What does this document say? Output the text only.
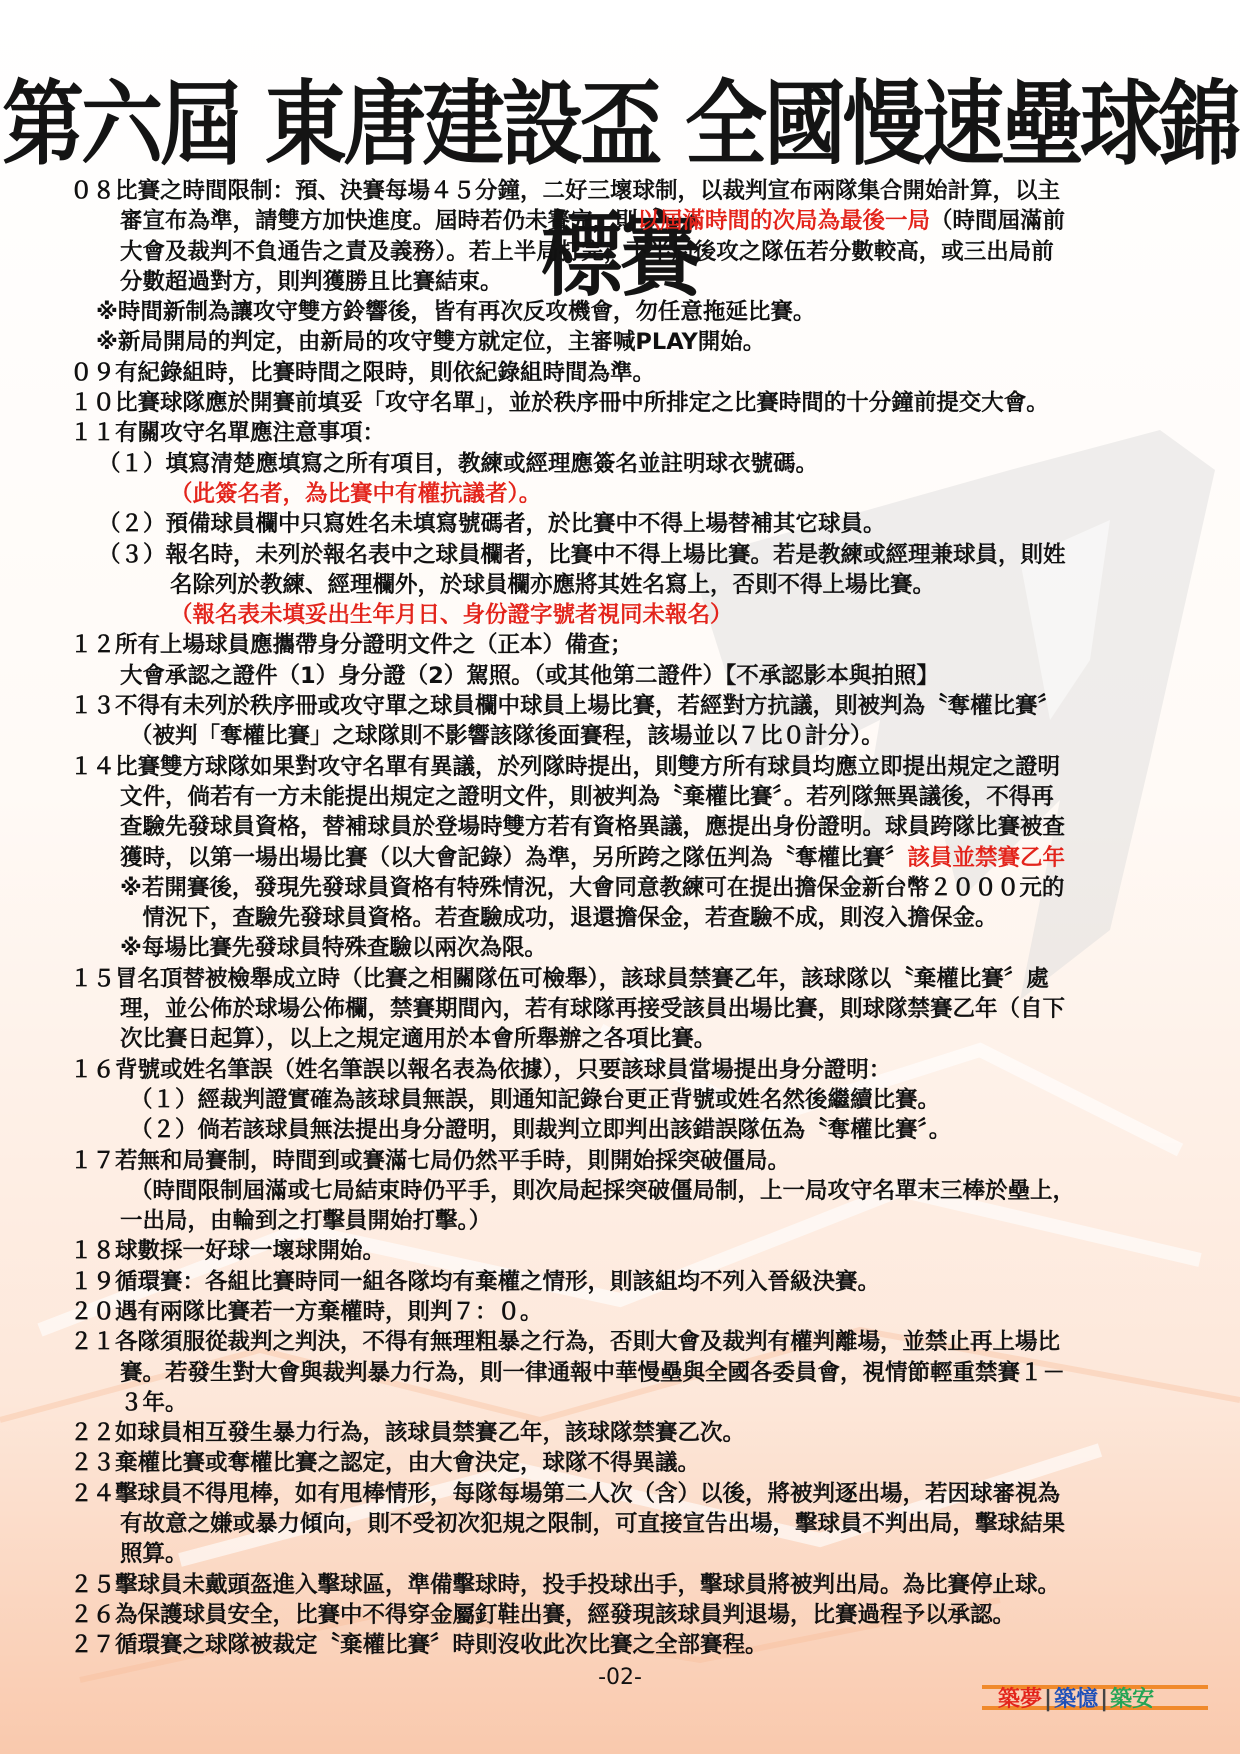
第六屆 東唐建設盃 全國慢速壘球錦標賽
０８比賽之時間限制：預、決賽每場４５分鐘，二好三壞球制，以裁判宣布兩隊集合開始計算，以主
審宣布為準，請雙方加快進度。屆時若仍未賽完，則以屆滿時間的次局為最後一局（時間屆滿前
大會及裁判不負通告之責及義務）。若上半局打完，下半局後攻之隊伍若分數較高，或三出局前
分數超過對方，則判獲勝且比賽結束。
※時間新制為讓攻守雙方鈴響後，皆有再次反攻機會，勿任意拖延比賽。
※新局開局的判定，由新局的攻守雙方就定位，主審喊PLAY開始。
０９有紀錄組時，比賽時間之限時，則依紀錄組時間為準。
１０比賽球隊應於開賽前填妥「攻守名單」，並於秩序冊中所排定之比賽時間的十分鐘前提交大會。
１１有關攻守名單應注意事項：
（１）填寫清楚應填寫之所有項目，教練或經理應簽名並註明球衣號碼。
（此簽名者，為比賽中有權抗議者）。
（２）預備球員欄中只寫姓名未填寫號碼者，於比賽中不得上場替補其它球員。
（３）報名時，未列於報名表中之球員欄者，比賽中不得上場比賽。若是教練或經理兼球員，則姓
名除列於教練、經理欄外，於球員欄亦應將其姓名寫上，否則不得上場比賽。
（報名表未填妥出生年月日、身份證字號者視同未報名）
１２所有上場球員應攜帶身分證明文件之（正本）備查；
大會承認之證件（1）身分證（2）駕照。（或其他第二證件）【不承認影本與拍照】
１３不得有未列於秩序冊或攻守單之球員欄中球員上場比賽，若經對方抗議，則被判為〝奪權比賽〞
（被判「奪權比賽」之球隊則不影響該隊後面賽程，該場並以７比０計分）。
１４比賽雙方球隊如果對攻守名單有異議，於列隊時提出，則雙方所有球員均應立即提出規定之證明
文件，倘若有一方未能提出規定之證明文件，則被判為〝棄權比賽〞。若列隊無異議後，不得再
查驗先發球員資格，替補球員於登場時雙方若有資格異議，應提出身份證明。球員跨隊比賽被查
獲時，以第一場出場比賽（以大會記錄）為準，另所跨之隊伍判為〝奪權比賽〞該員並禁賽乙年
※若開賽後，發現先發球員資格有特殊情況，大會同意教練可在提出擔保金新台幣２０００元的
　情況下，查驗先發球員資格。若查驗成功，退還擔保金，若查驗不成，則沒入擔保金。
※每場比賽先發球員特殊查驗以兩次為限。
１５冒名頂替被檢舉成立時（比賽之相關隊伍可檢舉），該球員禁賽乙年，該球隊以〝棄權比賽〞處
理，並公佈於球場公佈欄，禁賽期間內，若有球隊再接受該員出場比賽，則球隊禁賽乙年（自下
次比賽日起算），以上之規定適用於本會所舉辦之各項比賽。
１６背號或姓名筆誤（姓名筆誤以報名表為依據），只要該球員當場提出身分證明：
（１）經裁判證實確為該球員無誤，則通知記錄台更正背號或姓名然後繼續比賽。
（２）倘若該球員無法提出身分證明，則裁判立即判出該錯誤隊伍為〝奪權比賽〞。
１７若無和局賽制，時間到或賽滿七局仍然平手時，則開始採突破僵局。
（時間限制屆滿或七局結束時仍平手，則次局起採突破僵局制，上一局攻守名單末三棒於壘上，
一出局，由輪到之打擊員開始打擊。）
１８球數採一好球一壞球開始。
１９循環賽：各組比賽時同一組各隊均有棄權之情形，則該組均不列入晉級決賽。
２０遇有兩隊比賽若一方棄權時，則判７：０。
２１各隊須服從裁判之判決，不得有無理粗暴之行為，否則大會及裁判有權判離場，並禁止再上場比
賽。若發生對大會與裁判暴力行為，則一律通報中華慢壘與全國各委員會，視情節輕重禁賽１－
３年。
２２如球員相互發生暴力行為，該球員禁賽乙年，該球隊禁賽乙次。
２３棄權比賽或奪權比賽之認定，由大會決定，球隊不得異議。
２４擊球員不得甩棒，如有甩棒情形，每隊每場第二人次（含）以後，將被判逐出場，若因球審視為
有故意之嫌或暴力傾向，則不受初次犯規之限制，可直接宣告出場，擊球員不判出局，擊球結果
照算。
２５擊球員未戴頭盔進入擊球區，準備擊球時，投手投球出手，擊球員將被判出局。為比賽停止球。
２６為保護球員安全，比賽中不得穿金屬釘鞋出賽，經發現該球員判退場，比賽過程予以承認。
２７循環賽之球隊被裁定〝棄權比賽〞時則沒收此次比賽之全部賽程。
-02-
築夢|築憶|築安
